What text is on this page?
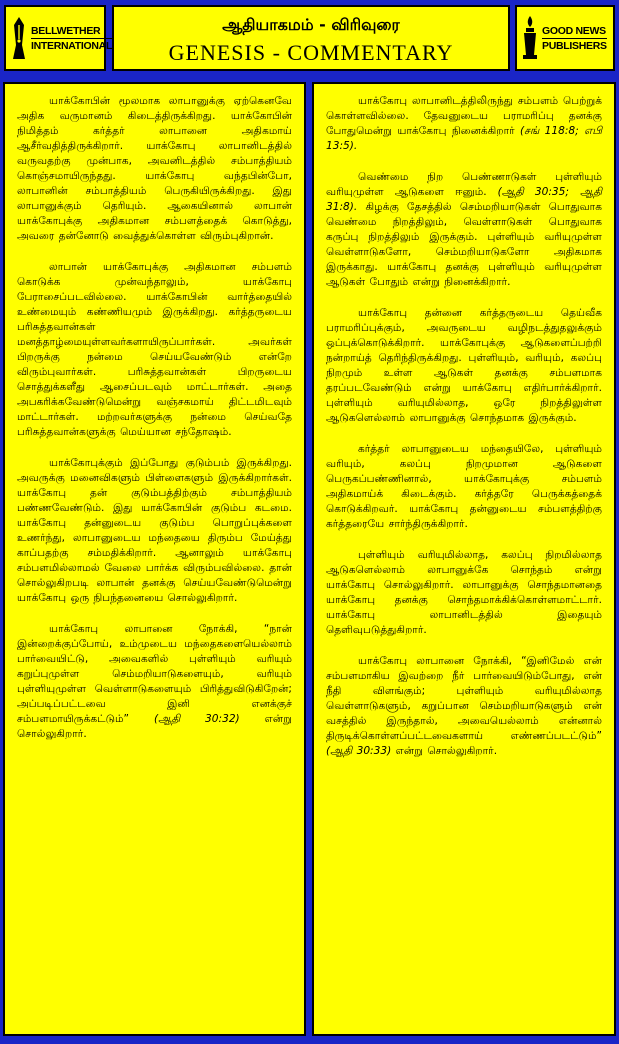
BELLWETHER
INTERNATIONAL
ஆதியாகமம் - விரிவுரை
GENESIS - COMMENTARY
GOOD NEWS
PUBLISHERS

யாக்கோபின் மூலமாக லாபானுக்கு ஏற்கெனவே அதிக வருமானம் கிடைத்திருக்கிறது. யாக்கோபின் நிமித்தம் கர்த்தர் லாபானை அதிகமாய் ஆசீர்வதித்திருக்கிறார். யாக்கோபு லாபானிடத்தில் வருவதற்கு முன்பாக, அவனிடத்தில் சம்பாத்தியம் கொஞ்சமாயிருந்தது. யாக்கோபு வந்தபின்போ, லாபானின் சம்பாத்தியம் பெருகியிருக்கிறது. இது லாபானுக்கும் தெரியும். ஆகையினால் லாபான் யாக்கோபுக்கு அதிகமான சம்பளத்தைக் கொடுத்து, அவரை தன்னோடு வைத்துக்கொள்ள விரும்புகிறான்.

லாபான் யாக்கோபுக்கு அதிகமான சம்பளம் கொடுக்க முன்வந்தாலும், யாக்கோபு பேராசைப்படவில்லை. யாக்கோபின் வார்த்தையில் உண்மையும் கண்ணியமும் இருக்கிறது. கர்த்தருடைய பரிசுத்தவான்கள் மனத்தாழ்மையுள்ளவர்களாயிருப்பார்கள். அவர்கள் பிறருக்கு நன்மை செய்யவேண்டும் என்றே விரும்புவார்கள். பரிசுத்தவான்கள் பிறருடைய சொத்துக்களீது ஆசைப்படவும் மாட்டார்கள். அதை அபகரிக்கவேண்டுமென்று வஞ்சகமாய் திட்டமிடவும் மாட்டார்கள். மற்றவர்களுக்கு நன்மை செய்வதே பரிசுத்தவான்களுக்கு மெய்யான சந்தோஷம்.

யாக்கோபுக்கும் இப்போது குடும்பம் இருக்கிறது. அவருக்கு மனைவிகளும் பிள்ளைகளும் இருக்கிறார்கள். யாக்கோபு தன் குடும்பத்திற்கும் சம்பாத்தியம் பண்ணவேண்டும். இது யாக்கோபின் குடும்ப கடமை. யாக்கோபு தன்னுடைய குடும்ப பொறுப்புக்களை உணர்ந்து, லாபானுடைய மந்தையை திரும்ப மேய்த்து காப்பதற்கு சம்மதிக்கிறார். ஆனாலும் யாக்கோபு சம்பளமில்லாமல் வேலை பார்க்க விரும்பவில்லை. தான் சொல்லுகிறபடி லாபான் தனக்கு செய்யவேண்டுமென்று யாக்கோபு ஒரு நிபந்தனையை சொல்லுகிறார்.

யாக்கோபு லாபானை நோக்கி, “நான் இன்றைக்குப்போய், உம்முடைய மந்தைகளையெல்லாம் பார்வையிட்டு, அவைகளில் புள்ளியும் வரியும் கறுப்புமுள்ள செம்மறியாடுகளையும், வரியும் புள்ளியுமுள்ள வெள்ளாடுகளையும் பிரித்துவிடுகிறேன்; அப்படிப்பட்டவை இனி எனக்குச் சம்பளமாயிருக்கட்டும்” (ஆதி 30:32) என்று சொல்லுகிறார்.

யாக்கோபு லாபானிடத்திலிருந்து சம்பளம் பெற்றுக் கொள்ளவில்லை. தேவனுடைய பராமரிப்பு தனக்கு போதுமென்று யாக்கோபு நினைக்கிறார் (சங் 118:8; எபி 13:5).

வெண்மை நிற பெண்ணாடுகள் புள்ளியும் வரியுமுள்ள ஆடுகளை ஈனும். (ஆதி 30:35; ஆதி 31:8). கிழக்கு தேசத்தில் செம்மறியாடுகள் பொதுவாக வெண்மை நிறத்திலும், வெள்ளாடுகள் பொதுவாக கருப்பு நிறத்திலும் இருக்கும். புள்ளியும் வரியுமுள்ள வெள்ளாடுகளோ, செம்மறியாடுகளோ அதிகமாக இருக்காது. யாக்கோபு தனக்கு புள்ளியும் வரியுமுள்ள ஆடுகள் போதும் என்று நினைக்கிறார்.

யாக்கோபு தன்னை கர்த்தருடைய தெய்வீக பராமரிப்புக்கும், அவருடைய வழிநடத்துதலுக்கும் ஒப்புக்கொடுக்கிறார். யாக்கோபுக்கு ஆடுகளைப்பற்றி நன்றாய்த் தெரிந்திருக்கிறது. புள்ளியும், வரியும், கலப்பு நிறமும் உள்ள ஆடுகள் தனக்கு சம்பளமாக தரப்படவேண்டும் என்று யாக்கோபு எதிர்பார்க்கிறார். புள்ளியும் வரியுமில்லாத, ஒரே நிறத்திலுள்ள ஆடுகளெல்லாம் லாபானுக்கு சொந்தமாக இருக்கும்.

கர்த்தர் லாபானுடைய மந்தையிலே, புள்ளியும் வரியும், கலப்பு நிறமுமான ஆடுகளை பெருகப்பண்ணினால், யாக்கோபுக்கு சம்பளம் அதிகமாய்க் கிடைக்கும். கர்த்தரே பெருக்கத்தைக் கொடுக்கிறவர். யாக்கோபு தன்னுடைய சம்பளத்திற்கு கர்த்தரையே சார்ந்திருக்கிறார்.

புள்ளியும் வரியுமில்லாத, கலப்பு நிறமில்லாத ஆடுகளெல்லாம் லாபானுக்கே சொந்தம் என்று யாக்கோபு சொல்லுகிறார். லாபானுக்கு சொந்தமானதை யாக்கோபு தனக்கு சொந்தமாக்கிக்கொள்ளமாட்டார். யாக்கோபு லாபானிடத்தில் இதையும் தெளிவுபடுத்துகிறார்.

யாக்கோபு லாபானை நோக்கி, “இனிமேல் என் சம்பளமாகிய இவற்றை நீர் பார்வையிடும்போது, என் நீதி விளங்கும்; புள்ளியும் வரியுமில்லாத வெள்ளாடுகளும், கறுப்பான செம்மறியாடுகளும் என் வசத்தில் இருந்தால், அவையெல்லாம் என்னால் திருடிக்கொள்ளப்பட்டவைகளாய் எண்ணப்படட்டும்” (ஆதி 30:33) என்று சொல்லுகிறார்.
